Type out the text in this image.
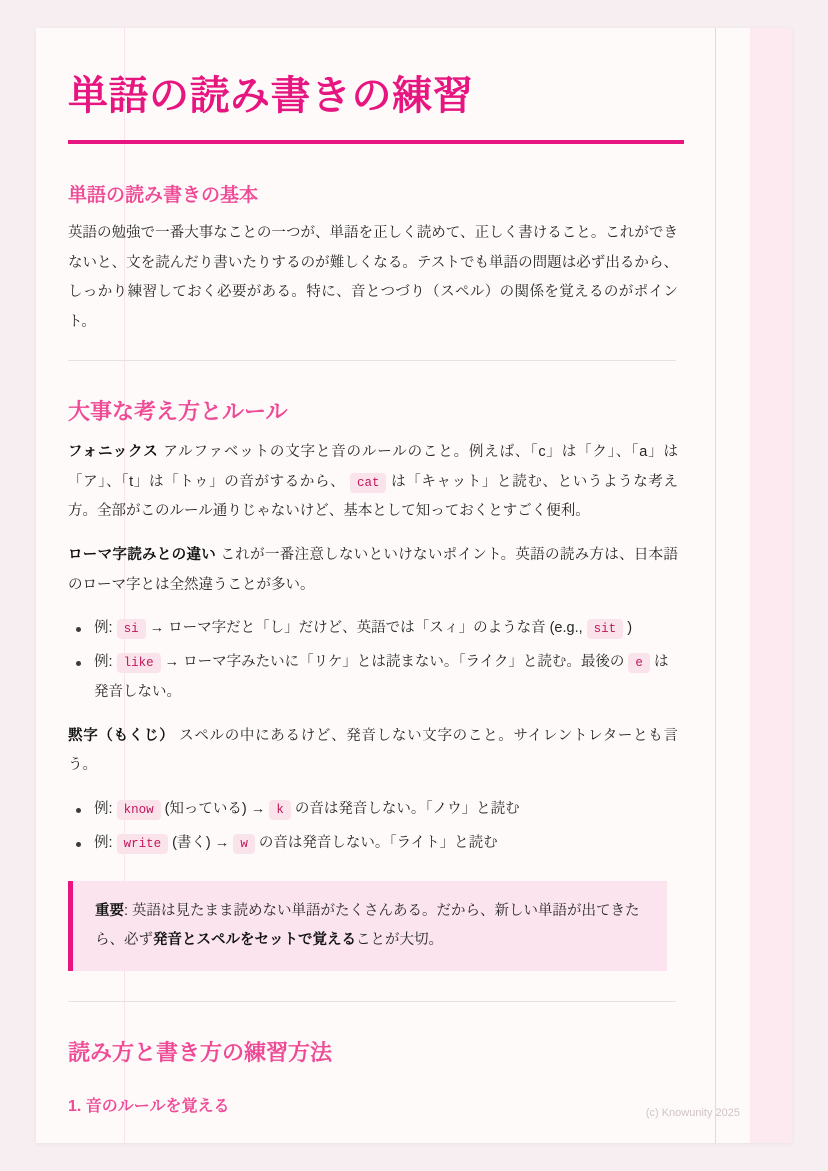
単語の読み書きの練習
単語の読み書きの基本

英語の勉強で一番大事なことの一つが、単語を正しく読めて、正しく書けること。これができないと、文を読んだり書いたりするのが難しくなる。テストでも単語の問題は必ず出るから、しっかり練習しておく必要がある。特に、音とつづり（スペル）の関係を覚えるのがポイント。

大事な考え方とルール

フォニックス アルファベットの文字と音のルールのこと。例えば、「c」は「ク」、「a」は「ア」、「t」は「トゥ」の音がするから、 cat は「キャット」と読む、というような考え方。全部がこのルール通りじゃないけど、基本として知っておくとすごく便利。

ローマ字読みとの違い これが一番注意しないといけないポイント。英語の読み方は、日本語のローマ字とは全然違うことが多い。

例: si → ローマ字だと「し」だけど、英語では「スィ」のような音 (e.g., sit )
例: like → ローマ字みたいに「リケ」とは読まない。「ライク」と読む。最後の e は発音しない。

黙字（もくじ） スペルの中にあるけど、発音しない文字のこと。サイレントレターとも言う。

例: know (知っている) → k の音は発音しない。「ノウ」と読む
例: write (書く) → w の音は発音しない。「ライト」と読む

重要: 英語は見たまま読めない単語がたくさんある。だから、新しい単語が出てきたら、必ず発音とスペルをセットで覚えることが大切。

読み方と書き方の練習方法
1. 音のルールを覚える	(c) Knowunity 2025
